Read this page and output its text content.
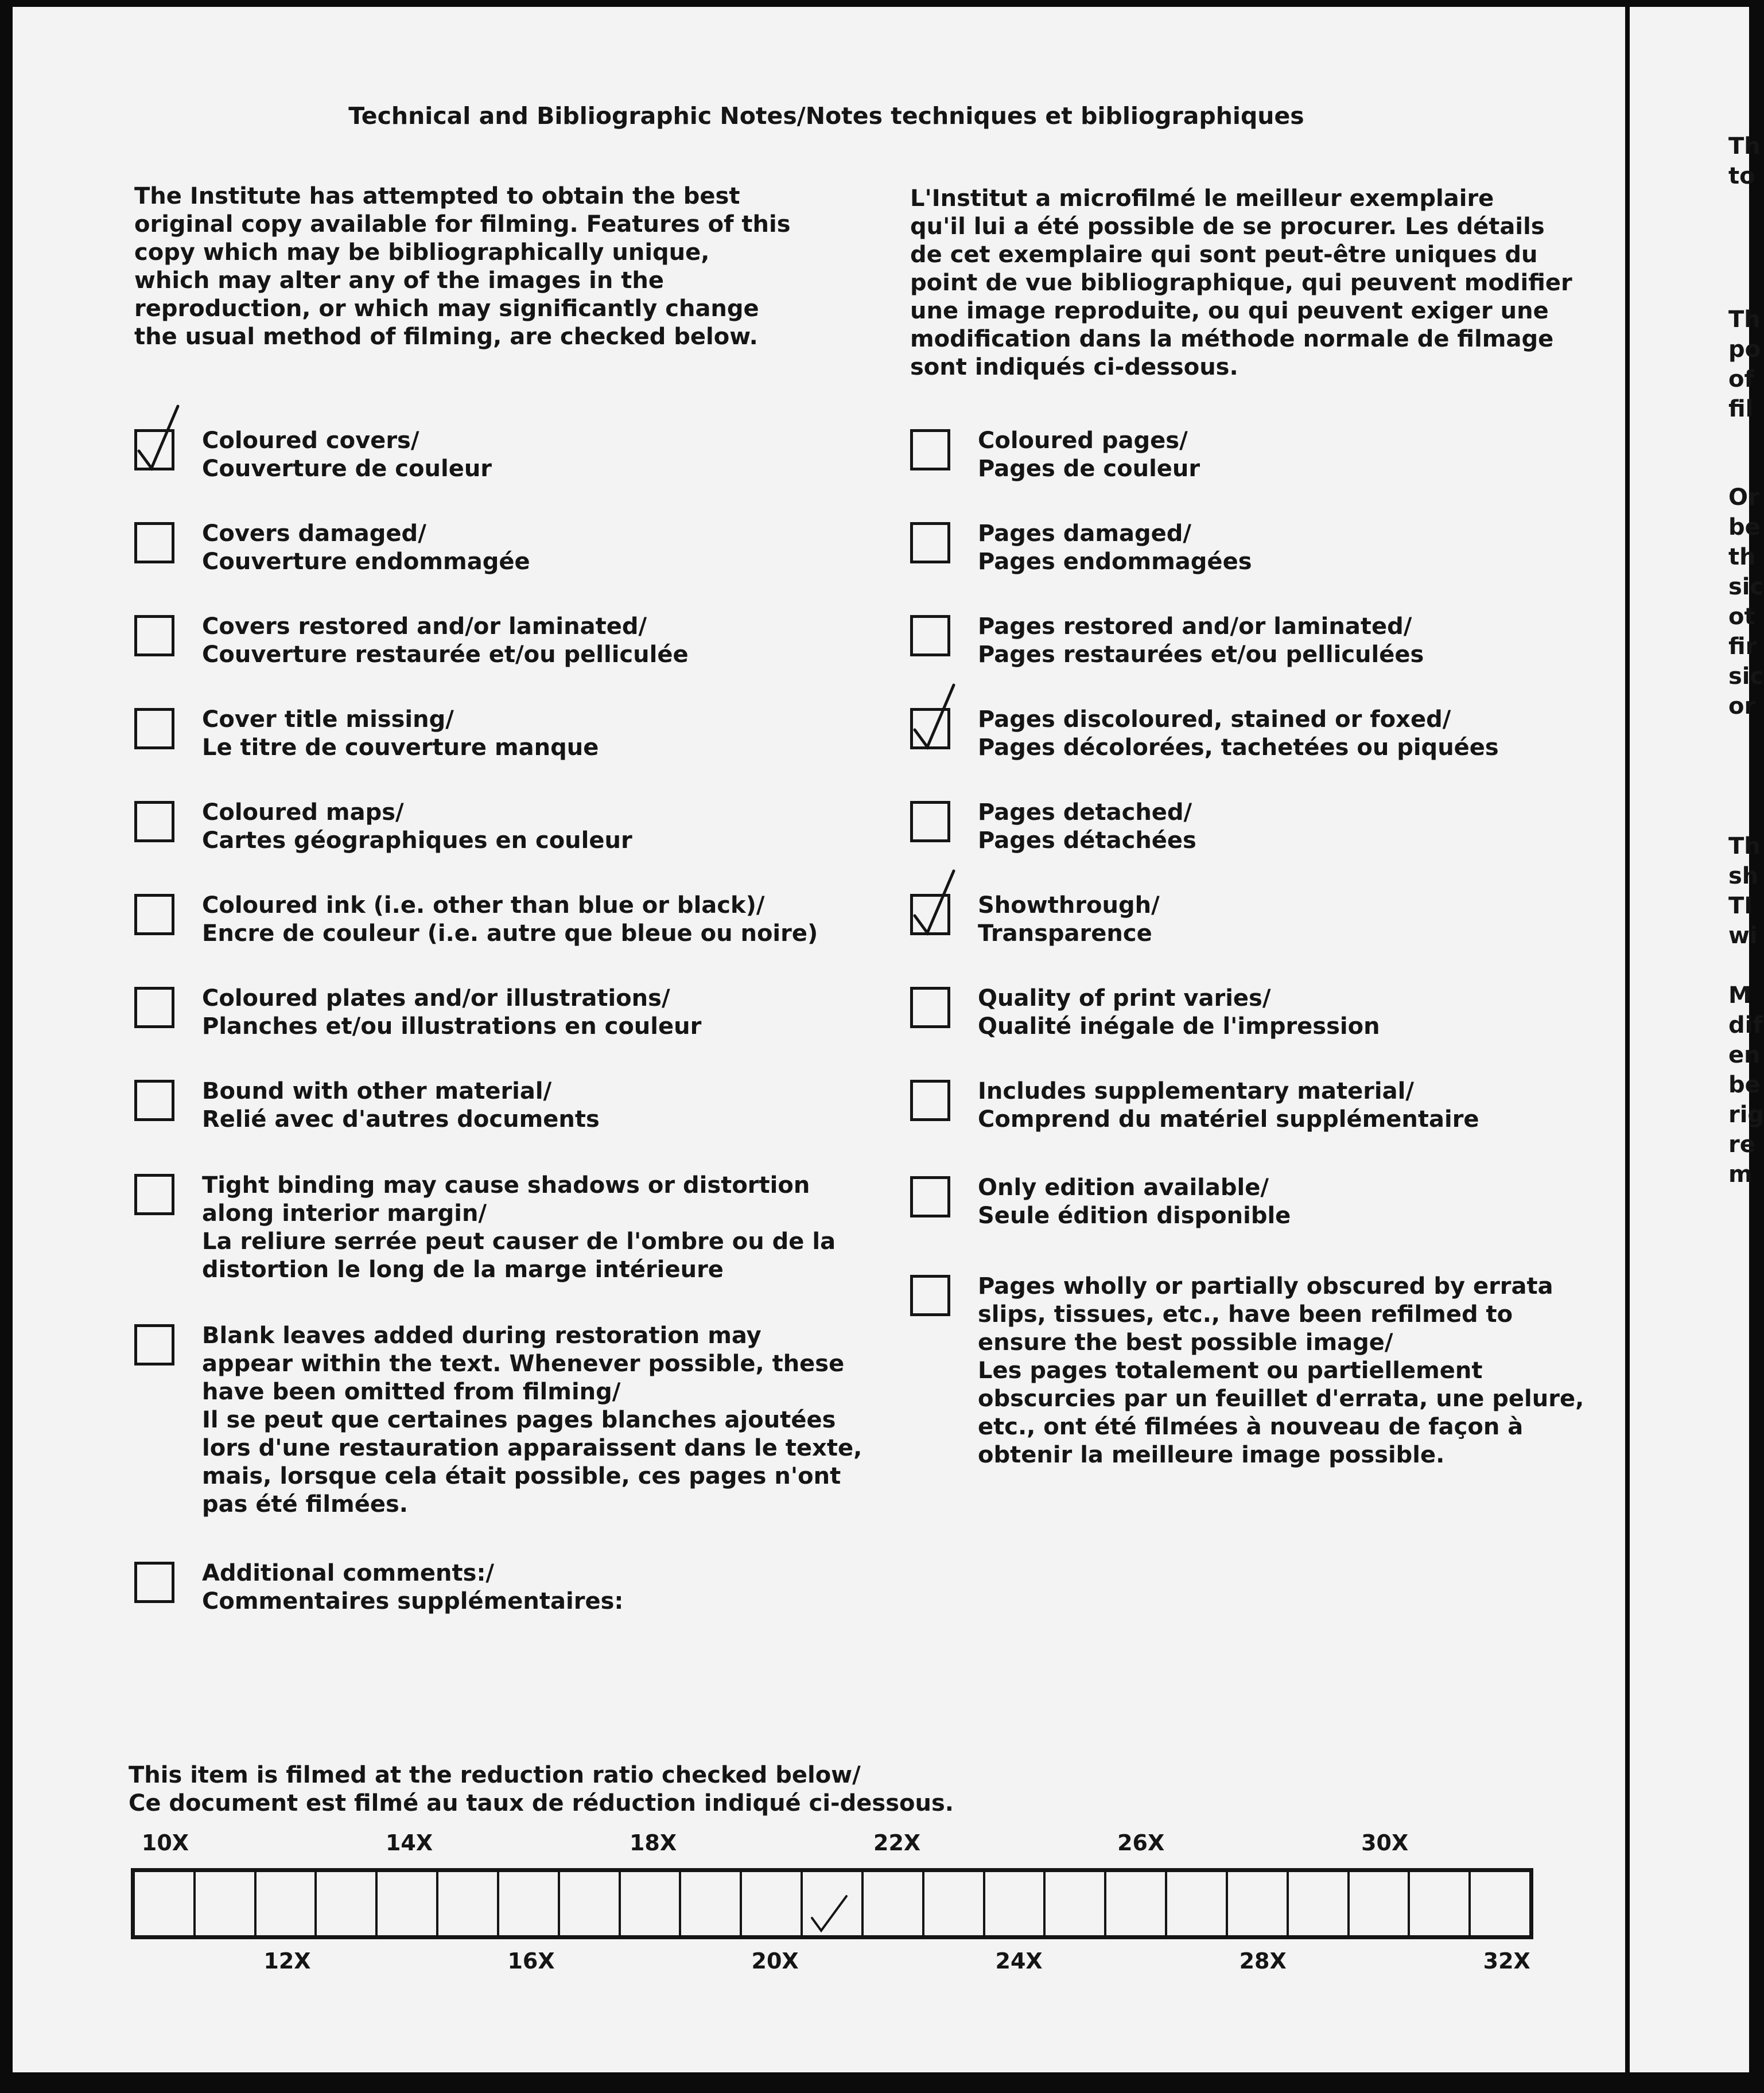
Th
to
Th
po
of
fil
Or
be
th
sic
ot
fir
sic
or
Th
sh
TI
wi
M
dif
en
be
rig
re
m
Technical and Bibliographic Notes/Notes techniques et bibliographiques
The Institute has attempted to obtain the best
original copy available for filming. Features of this
copy which may be bibliographically unique,
which may alter any of the images in the
reproduction, or which may significantly change
the usual method of filming, are checked below.
L'Institut a microfilmé le meilleur exemplaire
qu'il lui a été possible de se procurer. Les détails
de cet exemplaire qui sont peut-être uniques du
point de vue bibliographique, qui peuvent modifier
une image reproduite, ou qui peuvent exiger une
modification dans la méthode normale de filmage
sont indiqués ci-dessous.
Coloured covers/
Couverture de couleur
Covers damaged/
Couverture endommagée
Covers restored and/or laminated/
Couverture restaurée et/ou pelliculée
Cover title missing/
Le titre de couverture manque
Coloured maps/
Cartes géographiques en couleur
Coloured ink (i.e. other than blue or black)/
Encre de couleur (i.e. autre que bleue ou noire)
Coloured plates and/or illustrations/
Planches et/ou illustrations en couleur
Bound with other material/
Relié avec d'autres documents
Tight binding may cause shadows or distortion
along interior margin/
La reliure serrée peut causer de l'ombre ou de la
distortion le long de la marge intérieure
Blank leaves added during restoration may
appear within the text. Whenever possible, these
have been omitted from filming/
Il se peut que certaines pages blanches ajoutées
lors d'une restauration apparaissent dans le texte,
mais, lorsque cela était possible, ces pages n'ont
pas été filmées.
Additional comments:/
Commentaires supplémentaires:
Coloured pages/
Pages de couleur
Pages damaged/
Pages endommagées
Pages restored and/or laminated/
Pages restaurées et/ou pelliculées
Pages discoloured, stained or foxed/
Pages décolorées, tachetées ou piquées
Pages detached/
Pages détachées
Showthrough/
Transparence
Quality of print varies/
Qualité inégale de l'impression
Includes supplementary material/
Comprend du matériel supplémentaire
Only edition available/
Seule édition disponible
Pages wholly or partially obscured by errata
slips, tissues, etc., have been refilmed to
ensure the best possible image/
Les pages totalement ou partiellement
obscurcies par un feuillet d'errata, une pelure,
etc., ont été filmées à nouveau de façon à
obtenir la meilleure image possible.
This item is filmed at the reduction ratio checked below/
Ce document est filmé au taux de réduction indiqué ci-dessous.
10X	14X	18X	22X	26X	30X
12X	16X	20X	24X	28X	32X
